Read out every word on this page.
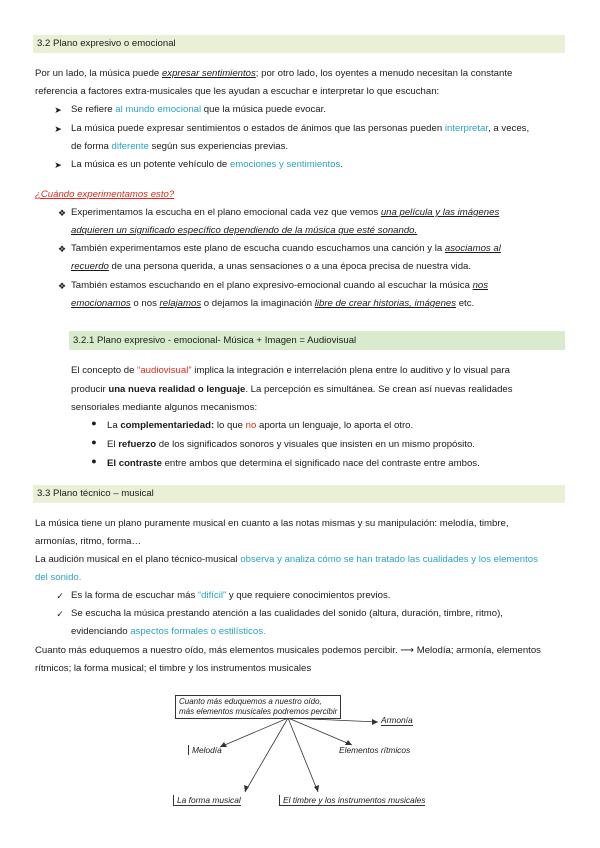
3.2 Plano expresivo o emocional
Por un lado, la música puede expresar sentimientos; por otro lado, los oyentes a menudo necesitan la constante
referencia a factores extra-musicales que les ayudan a escuchar e interpretar lo que escuchan:
➤ Se refiere al mundo emocional que la música puede evocar.
➤ La música puede expresar sentimientos o estados de ánimos que las personas pueden interpretar, a veces,
de forma diferente según sus experiencias previas.
➤ La música es un potente vehículo de emociones y sentimientos.
¿Cuándo experimentamos esto?
❖ Experimentamos la escucha en el plano emocional cada vez que vemos una película y las imágenes
adquieren un significado específico dependiendo de la música que esté sonando.
❖ También experimentamos este plano de escucha cuando escuchamos una canción y la asociamos al
recuerdo de una persona querida, a unas sensaciones o a una época precisa de nuestra vida.
❖ También estamos escuchando en el plano expresivo-emocional cuando al escuchar la música nos
emocionamos o nos relajamos o dejamos la imaginación libre de crear historias, imágenes etc.
3.2.1 Plano expresivo - emocional- Música + Imagen = Audiovisual
El concepto de “audiovisual” implica la integración e interrelación plena entre lo auditivo y lo visual para
producir una nueva realidad o lenguaje. La percepción es simultánea. Se crean así nuevas realidades
sensoriales mediante algunos mecanismos:
●	La complementariedad: lo que no aporta un lenguaje, lo aporta el otro.
●	El refuerzo de los significados sonoros y visuales que insisten en un mismo propósito.
●	El contraste entre ambos que determina el significado nace del contraste entre ambos.
3.3 Plano técnico – musical
La música tiene un plano puramente musical en cuanto a las notas mismas y su manipulación: melodía, timbre,
armonías, ritmo, forma…
La audición musical en el plano técnico-musical observa y analiza cómo se han tratado las cualidades y los elementos
del sonido.
✓ Es la forma de escuchar más “difícil” y que requiere conocimientos previos.
✓ Se escucha la música prestando atención a las cualidades del sonido (altura, duración, timbre, ritmo),
evidenciando aspectos formales o estilísticos.
Cuanto más eduquemos a nuestro oído, más elementos musicales podemos percibir. ⟶ Melodía; armonía, elementos
rítmicos; la forma musical; el timbre y los instrumentos musicales
Cuanto más eduquemos a nuestro oído,
más elementos musicales podremos percibir
Armonía
Elementos rítmicos
Melodía
La forma musical	El timbre y los instrumentos musicales
